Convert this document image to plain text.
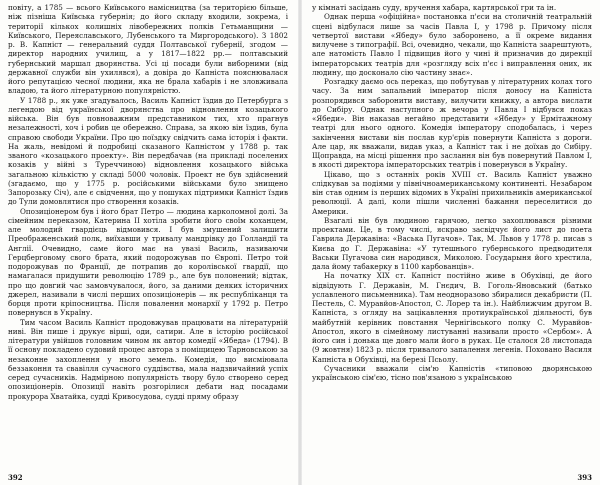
повіту, а 1785 — всього Київського намісництва (за територією більше, ніж пізніша Київська губернія; до його складу входили, зокрема, і території кількох колишніх лівобережних полків Гетьманщини — Київського, Переяславського, Лубенського та Миргородського). З 1802 р. В. Капніст — генеральний суддя Полтавської губернії, згодом — директор народних училищ, а у 1817—1822 рр.— полтавський губернський маршал дворянства. Усі ці посади були виборними (від державної служби він ухилявся), а довіра до Капніста пояснювалася його репутацією чесної людини, яка не брала хабарів і не зловживала владою, та його літературною популярністю.

У 1788 р., як уже згадувалось, Василь Капніст їздив до Петербурга з легендою від української дворянства про відновлення козацького війська. Він був повноважним представником тих, хто прагнув незалежності, хоч і робив це обережно. Справа, за якою він їздив, була справою свободи України. Про цю поїздку свідчить сама історія і факти. На жаль, невідомі й подробиці сказаного Капністом у 1788 р. так званого «козацького проекту». Він передбачав (на прикладі поселених козаків у війні з Туреччиною) відновлення козацького війська загальною кількістю у складі 5000 чоловік. Проект не був здійснений (згадаємо, що у 1775 р. російськими військами було знищено Запорозьку Січ), але є свідчення, що у пошуках підтримки Капніст їздив до Тули домовлятися про створення козаків.

Опозиціонером був і його брат Петро — людина карколомної долі. За сімейним переказом, Катерина II хотіла зробити його своїм коханцем, але молодий гвардієць відмовився. І був змушений залишити Преображенський полк, виїхавши у тривалу мандрівку до Голландії та Англії. Очевидно, саме його має на увазі Василь, називаючи Герцберговому свого брата, який подорожував по Європі. Петро той подорожував по Франції, де потрапив до королівської гвардії, що намагалася придушити революцію 1789 р., але був полонений; відтак, про що довгий час замовчувалося, його, за даними деяких історичних джерел, називали в числі перших опозиціонерів — як республіканця та борця проти кріпосництва. Після повалення монархії у 1792 р. Петро повернувся в Україну.

Тим часом Василь Капніст продовжував працювати на літературній ниві. Він пише і друкує вірші, оди, сатири. Але в історію російської літератури увійшов головним чином як автор комедії «Ябеда» (1794). В її основу покладено судовий процес автора з поміщицею Тарновською за незаконне захоплення у нього земель. Комедія, що висміювала беззаконня та свавілля сучасного суддівства, мала надзвичайний успіх серед сучасників. Надмірною популярність твору було створено серед опозиціонерів. Опозиції навіть розгорілися дебати над посадами прокурора Хватайка, судді Кривосудова, судді пряму образу

392

у кімнаті засідань суду, вручення хабара, картярської гри та ін.

Однак перша «офіційна» постановка п'єси на столичній театральній сцені відбулася лише за часів Павла I, у 1798 р. Причому після четвертої вистави «Ябеду» було заборонено, а її окреме видання вилучене з типографії. Всі, очевидно, чекали, що Капніста заарештують, але натомість Павло I підвищив його у чині й призначив до дирекції імператорських театрів для «розгляду всіх п'єс і виправлення оних, як людину, що досконало сію частину знає».

Розгадку даємо ось переказ, що побутував у літературних колах того часу. За ним запальний імператор після доносу на Капніста розпорядився заборонити виставу, вилучити книжку, а автора вислати до Сибіру. Однак наступного ж вечора у Павла I відбувся показ «Ябеди». Він наказав негайно представити «Ябеду» у Ермітажному театрі для нього одного. Комедія імператору сподобалась, і через закінчення вистави він послав кур'єрів повернути Капніста з дороги. Але цар, як вважали, видав указ, а Капніст так і не доїхав до Сибіру. Щоправда, на місці рішення про заслання він був повернутий Павлом I, в якості директора імператорських театрів і повернувся в Україну.

Цікаво, що з останніх років XVIII ст. Василь Капніст уважно слідкував за подіями у північноамериканському континенті. Незабаром він став одним із перших відомих в Україні прихильників американської революції. А далі, коли пішли численні бажання переселитися до Америки.

Взагалі він був людиною гарячою, легко захоплювався різними проектами. Це, в тому числі, яскраво засвідчує його лист до поета Гаврила Державіна: «Васька Пугачов». Так, М. Львов у 1778 р. писав з Києва до Г. Державіна: «У тутешнього губернського предводителя Васьки Пугачова син народився, Миколою. Государыня його хрестила, дала йому табакерку в 1100 карбованців».

На початку XIX ст. Капніст постійно живе в Обухівці, де його відвідують Г. Державін, М. Гнєдич, В. Гоголь-Яновський (батько уславленого письменника). Там неодноразово збиралися декабристи (П. Пестель, С. Муравйов-Апостол, С. Лорер та ін.). Найближчим другом В. Капніста, з огляду на зацікавлення протиукраїнської діяльності, був майбутній керівник повстання Чернігівського полку С. Муравйов-Апостол, якого в сімейному листуванні називали просто «Сербом». А його син і донька ще довго мали його в руках. Це сталося 28 листопада (9 жовтня) 1823 р. після тривалого запалення легенів. Поховано Василя Капніста в Обухівці, на березі Псьолу.

Сучасники вважали сім'ю Капністів «типовою дворянською українською сім'єю, тісно пов'язаною з українською

393
